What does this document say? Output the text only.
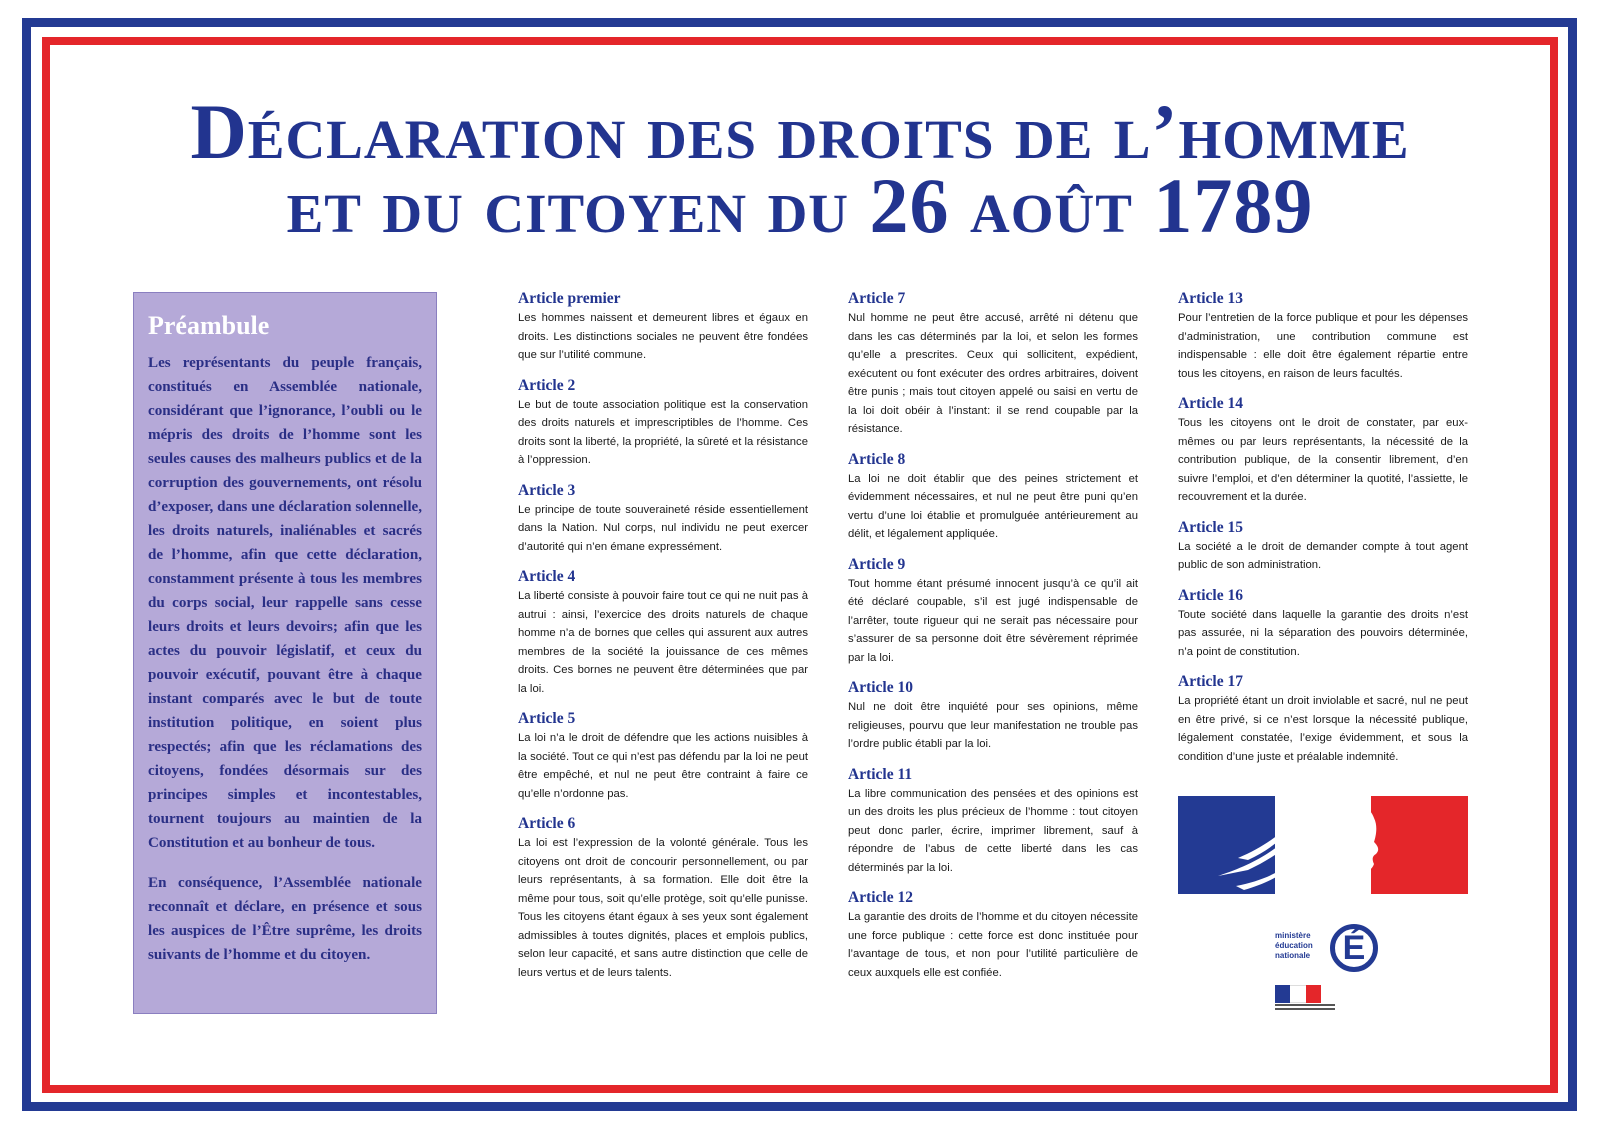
Déclaration des droits de l’homme
et du citoyen du 26 août 1789
Préambule

Les représentants du peuple français, constitués en Assemblée nationale, considérant que l’ignorance, l’oubli ou le mépris des droits de l’homme sont les seules causes des malheurs publics et de la corruption des gouvernements, ont résolu d’exposer, dans une déclaration solennelle, les droits naturels, inaliénables et sacrés de l’homme, afin que cette déclaration, constamment présente à tous les membres du corps social, leur rappelle sans cesse leurs droits et leurs devoirs; afin que les actes du pouvoir législatif, et ceux du pouvoir exécutif, pouvant être à chaque instant comparés avec le but de toute institution politique, en soient plus respectés; afin que les réclamations des citoyens, fondées désormais sur des principes simples et incontestables, tournent toujours au maintien de la Constitution et au bonheur de tous.

En conséquence, l’Assemblée nationale reconnaît et déclare, en présence et sous les auspices de l’Être suprême, les droits suivants de l’homme et du citoyen.

Article premier

Les hommes naissent et demeurent libres et égaux en droits. Les distinctions sociales ne peuvent être fondées que sur l’utilité commune.

Article 2

Le but de toute association politique est la conservation des droits naturels et imprescriptibles de l’homme. Ces droits sont la liberté, la propriété, la sûreté et la résistance à l’oppression.

Article 3

Le principe de toute souveraineté réside essentiellement dans la Nation. Nul corps, nul individu ne peut exercer d’autorité qui n’en émane expressément.

Article 4

La liberté consiste à pouvoir faire tout ce qui ne nuit pas à autrui : ainsi, l’exercice des droits naturels de chaque homme n’a de bornes que celles qui assurent aux autres membres de la société la jouissance de ces mêmes droits. Ces bornes ne peuvent être déterminées que par la loi.

Article 5

La loi n’a le droit de défendre que les actions nuisibles à la société. Tout ce qui n’est pas défendu par la loi ne peut être empêché, et nul ne peut être contraint à faire ce qu’elle n’ordonne pas.

Article 6

La loi est l’expression de la volonté générale. Tous les citoyens ont droit de concourir personnellement, ou par leurs représentants, à sa formation. Elle doit être la même pour tous, soit qu’elle protège, soit qu’elle punisse. Tous les citoyens étant égaux à ses yeux sont également admissibles à toutes dignités, places et emplois publics, selon leur capacité, et sans autre distinction que celle de leurs vertus et de leurs talents.

Article 7

Nul homme ne peut être accusé, arrêté ni détenu que dans les cas déterminés par la loi, et selon les formes qu’elle a prescrites. Ceux qui sollicitent, expédient, exécutent ou font exécuter des ordres arbitraires, doivent être punis ; mais tout citoyen appelé ou saisi en vertu de la loi doit obéir à l’instant: il se rend coupable par la résistance.

Article 8

La loi ne doit établir que des peines strictement et évidemment nécessaires, et nul ne peut être puni qu’en vertu d’une loi établie et promulguée antérieurement au délit, et légalement appliquée.

Article 9

Tout homme étant présumé innocent jusqu’à ce qu’il ait été déclaré coupable, s’il est jugé indispensable de l’arrêter, toute rigueur qui ne serait pas nécessaire pour s’assurer de sa personne doit être sévèrement réprimée par la loi.

Article 10

Nul ne doit être inquiété pour ses opinions, même religieuses, pourvu que leur manifestation ne trouble pas l’ordre public établi par la loi.

Article 11

La libre communication des pensées et des opinions est un des droits les plus précieux de l’homme : tout citoyen peut donc parler, écrire, imprimer librement, sauf à répondre de l’abus de cette liberté dans les cas déterminés par la loi.

Article 12

La garantie des droits de l’homme et du citoyen nécessite une force publique : cette force est donc instituée pour l’avantage de tous, et non pour l’utilité particulière de ceux auxquels elle est confiée.

Article 13

Pour l’entretien de la force publique et pour les dépenses d’administration, une contribution commune est indispensable : elle doit être également répartie entre tous les citoyens, en raison de leurs facultés.

Article 14

Tous les citoyens ont le droit de constater, par eux-mêmes ou par leurs représentants, la nécessité de la contribution publique, de la consentir librement, d’en suivre l’emploi, et d’en déterminer la quotité, l’assiette, le recouvrement et la durée.

Article 15

La société a le droit de demander compte à tout agent public de son administration.

Article 16

Toute société dans laquelle la garantie des droits n’est pas assurée, ni la séparation des pouvoirs déterminée, n’a point de constitution.

Article 17

La propriété étant un droit inviolable et sacré, nul ne peut en être privé, si ce n’est lorsque la nécessité publique, légalement constatée, l’exige évidemment, et sous la condition d’une juste et préalable indemnité.

ministère
éducation
nationale É
